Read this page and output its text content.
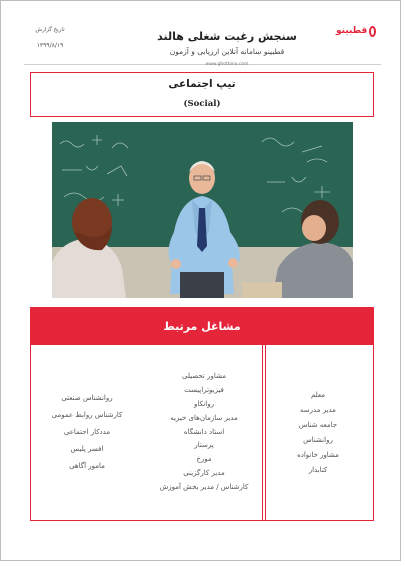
سنجش رغبت شغلی هالند
قطبینو سامانه آنلاین ارزیابی و آزمون
www.ghotbino.com
قطبینو
تاریخ گزارش
۱۳۹۹/۸/۱۹
تیپ اجتماعی
(Social)
مشاغل مرتبط
معلم
مدیر مدرسه
جامعه شناس
روانشناس
مشاور خانواده
کتابدار
مشاور تحصیلی
فیزیوتراپیست
روانکاو
مدیر سازمان‌های خیریه
استاد دانشگاه
پرستار
مورخ
مدیر کارگزینی
کارشناس / مدیر بخش آموزش
روانشناس صنعتی
کارشناس روابط عمومی
مددکار اجتماعی
افسر پلیس
مامور آگاهی
